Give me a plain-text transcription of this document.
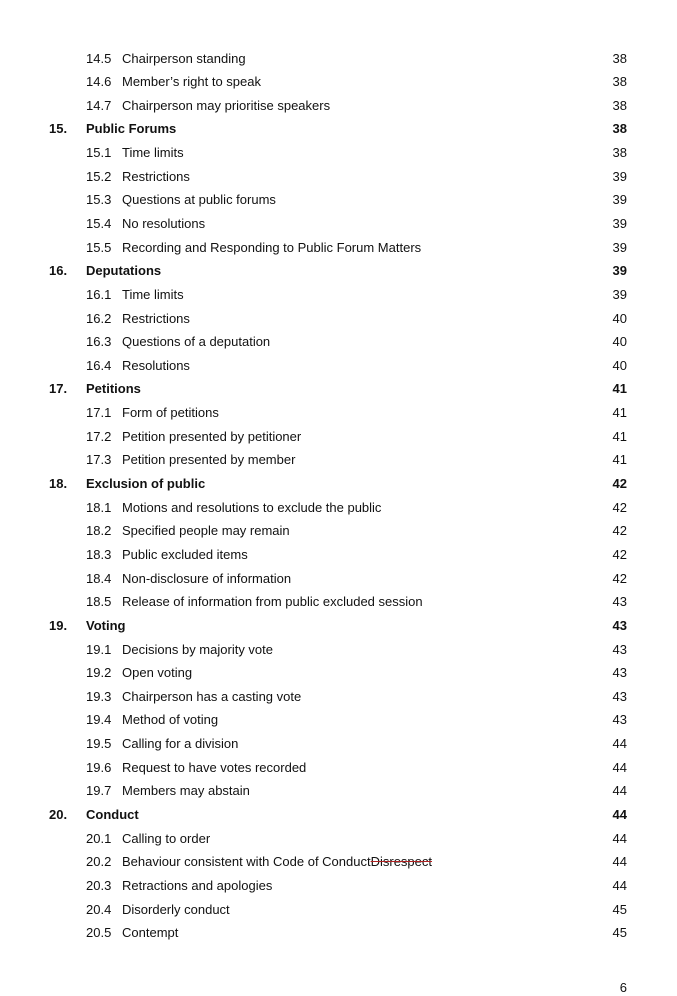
14.5 Chairperson standing	38
14.6 Member’s right to speak	38
14.7 Chairperson may prioritise speakers	38
15. Public Forums	38
15.1 Time limits	38
15.2 Restrictions	39
15.3 Questions at public forums	39
15.4 No resolutions	39
15.5 Recording and Responding to Public Forum Matters	39
16. Deputations	39
16.1 Time limits	39
16.2 Restrictions	40
16.3 Questions of a deputation	40
16.4 Resolutions	40
17. Petitions	41
17.1 Form of petitions	41
17.2 Petition presented by petitioner	41
17.3 Petition presented by member	41
18. Exclusion of public	42
18.1 Motions and resolutions to exclude the public	42
18.2 Specified people may remain	42
18.3 Public excluded items	42
18.4 Non-disclosure of information	42
18.5 Release of information from public excluded session	43
19. Voting	43
19.1 Decisions by majority vote	43
19.2 Open voting	43
19.3 Chairperson has a casting vote	43
19.4 Method of voting	43
19.5 Calling for a division	44
19.6 Request to have votes recorded	44
19.7 Members may abstain	44
20. Conduct	44
20.1 Calling to order	44
20.2 Behaviour consistent with Code of ConductDisrespect	44
20.3 Retractions and apologies	44
20.4 Disorderly conduct	45
20.5 Contempt	45
6
